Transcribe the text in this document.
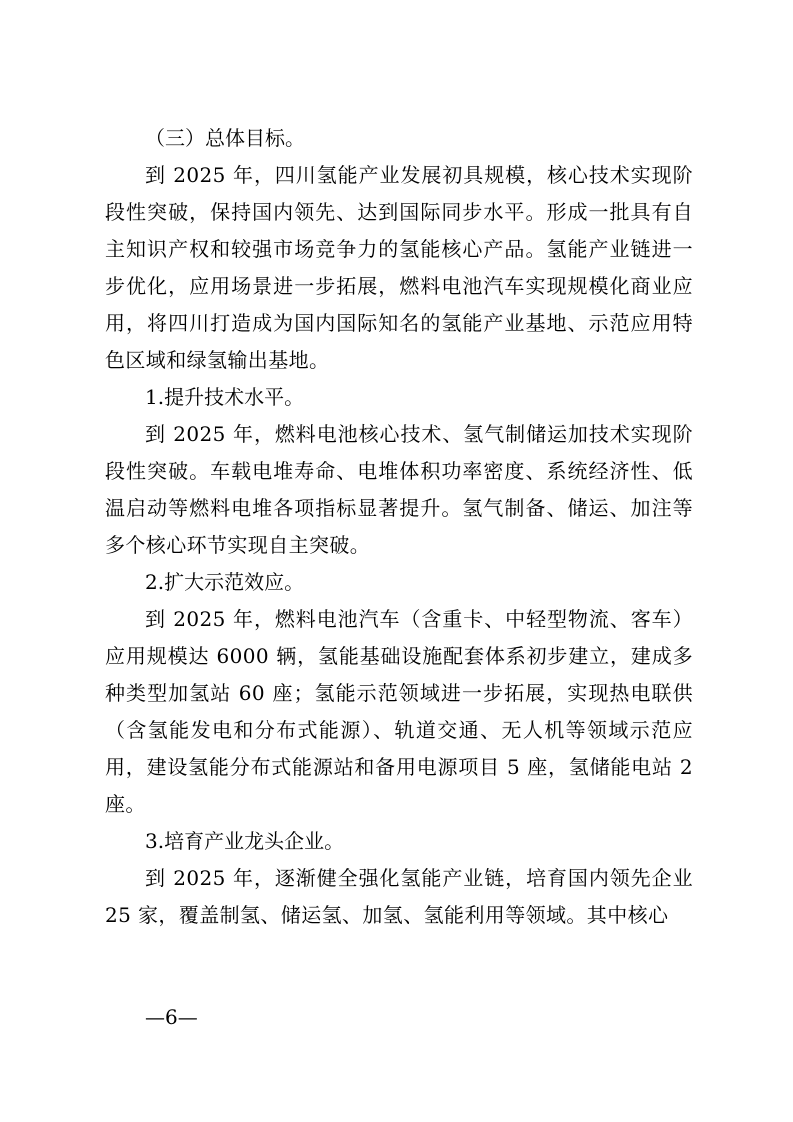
（三）总体目标。

到 2025 年，四川氢能产业发展初具规模，核心技术实现阶段性突破，保持国内领先、达到国际同步水平。形成一批具有自主知识产权和较强市场竞争力的氢能核心产品。氢能产业链进一步优化，应用场景进一步拓展，燃料电池汽车实现规模化商业应用，将四川打造成为国内国际知名的氢能产业基地、示范应用特色区域和绿氢输出基地。

1.提升技术水平。

到 2025 年，燃料电池核心技术、氢气制储运加技术实现阶段性突破。车载电堆寿命、电堆体积功率密度、系统经济性、低温启动等燃料电堆各项指标显著提升。氢气制备、储运、加注等多个核心环节实现自主突破。

2.扩大示范效应。

到 2025 年，燃料电池汽车（含重卡、中轻型物流、客车）应用规模达 6000 辆，氢能基础设施配套体系初步建立，建成多种类型加氢站 60 座；氢能示范领域进一步拓展，实现热电联供（含氢能发电和分布式能源）、轨道交通、无人机等领域示范应用，建设氢能分布式能源站和备用电源项目 5 座，氢储能电站 2 座。

3.培育产业龙头企业。

到 2025 年，逐渐健全强化氢能产业链，培育国内领先企业 25 家，覆盖制氢、储运氢、加氢、氢能利用等领域。其中核心

—6—
